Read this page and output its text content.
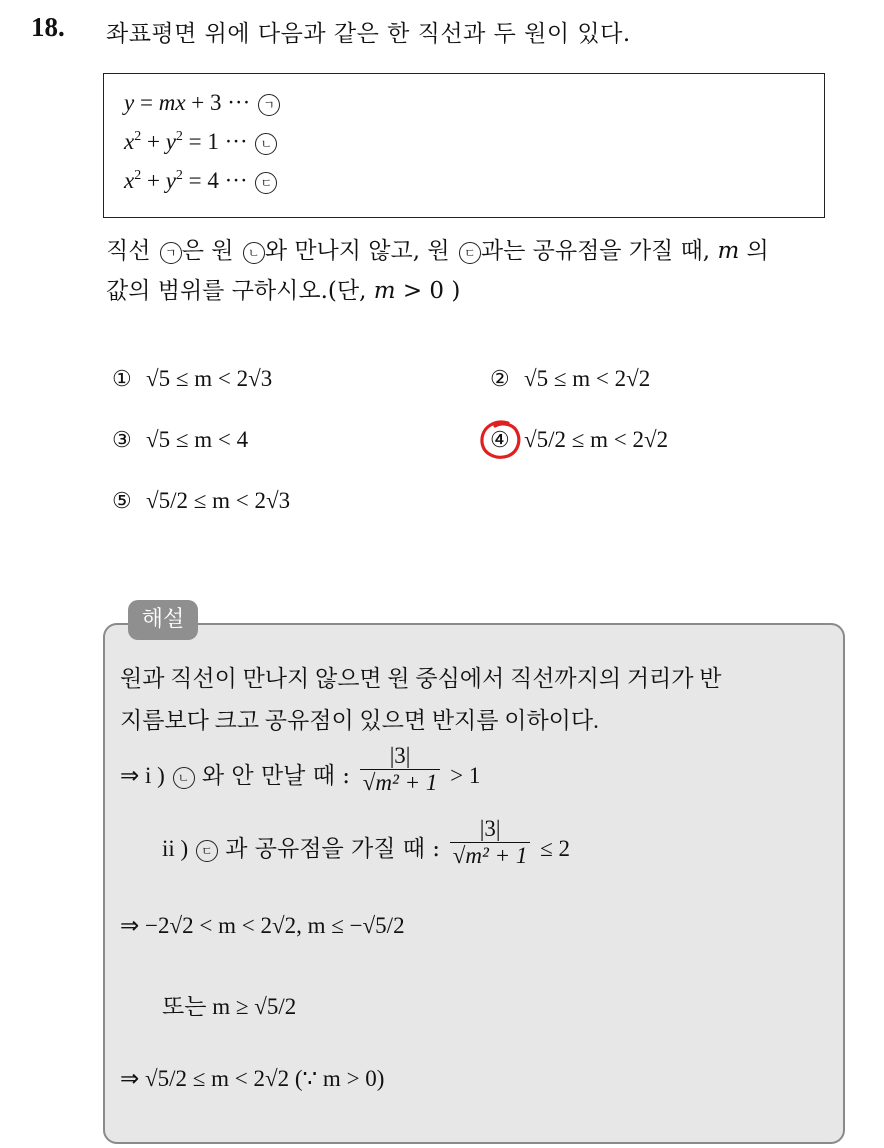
18. 좌표평면 위에 다음과 같은 한 직선과 두 원이 있다.
y = mx + 3 ··· ㄱ
$x^2 + y^2 = 1$ ··· ㄴ
$x^2 + y^2 = 4$ ··· ㄷ
직선 ㄱ 은 원 ㄴ 와 만나지 않고, 원 ㄷ 과는 공유점을 가질 때, m 의
값의 범위를 구하시오.(단, m > 0 )
① √5 ≤ m < 2√3	② √5 ≤ m < 2√2
③ √5 ≤ m < 4	④ √5/2 ≤ m < 2√2
⑤ √5/2 ≤ m < 2√3
해설
원과 직선이 만나지 않으면 원 중심에서 직선까지의 거리가 반
지름보다 크고 공유점이 있으면 반지름 이하이다.
⇒ i ) ㄴ 와 안 만날 때 : $\frac{|3|}{\text{√m² + 1}} > 1$
ii ) ㄷ 과 공유점을 가질 때 : $\frac{|3|}{\text{√m² + 1}} \le 2$
⇒ −2√2 < m < 2√2, m ≤ −√5/2
또는 m ≥ √5/2
⇒ √5/2 ≤ m < 2√2 (∵ m > 0)
